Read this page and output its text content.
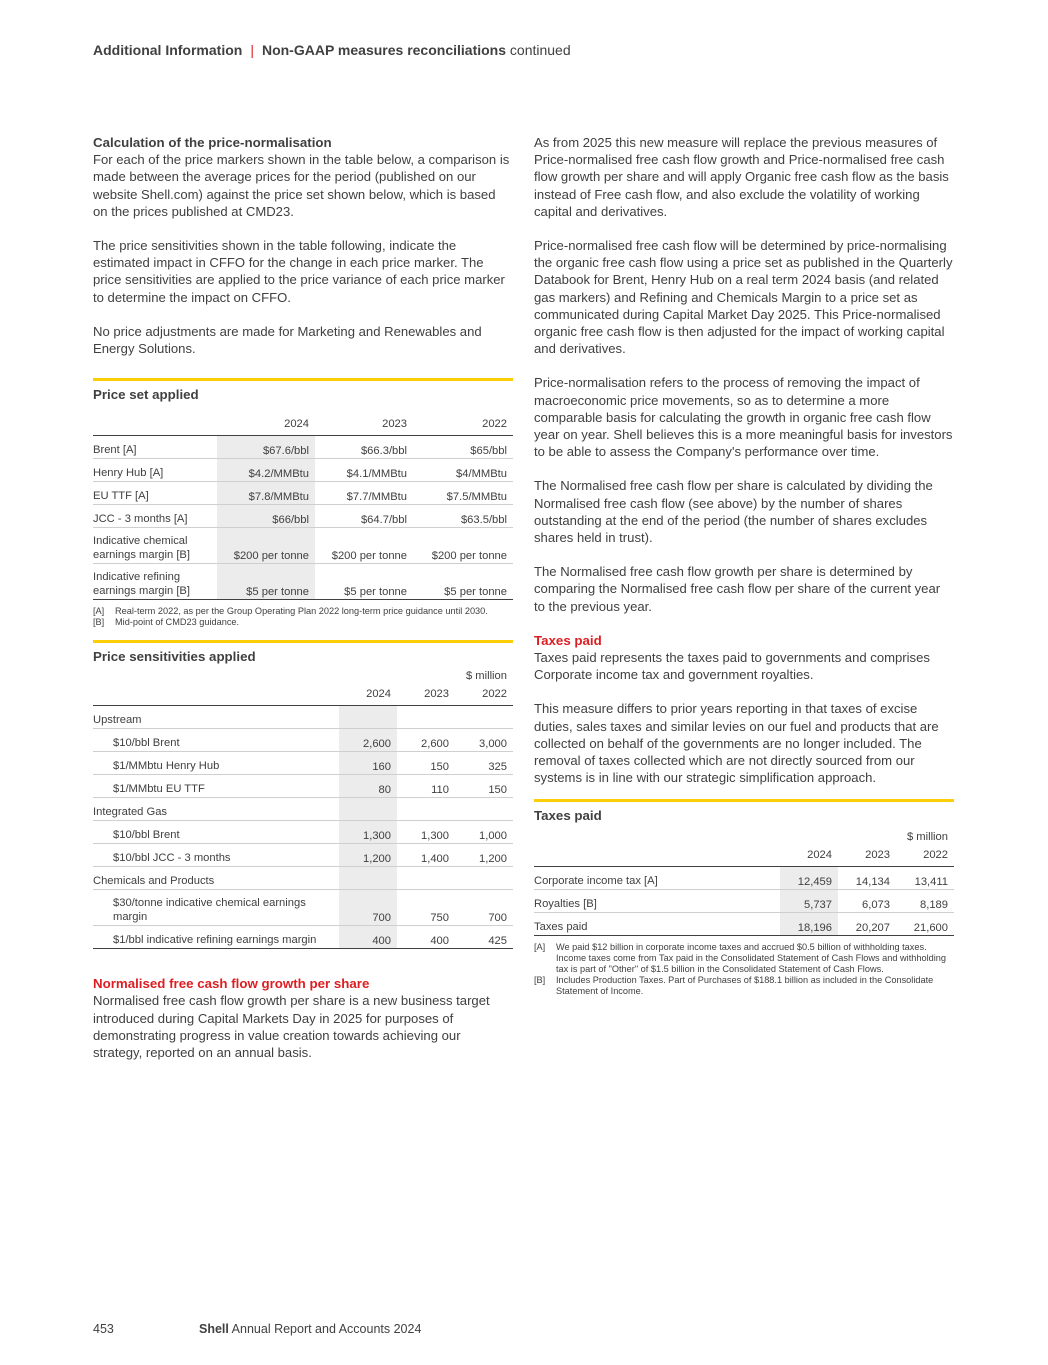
Additional Information | Non-GAAP measures reconciliations continued
Calculation of the price-normalisation

For each of the price markers shown in the table below, a comparison is made between the average prices for the period (published on our website Shell.com) against the price set shown below, which is based on the prices published at CMD23.

The price sensitivities shown in the table following, indicate the estimated impact in CFFO for the change in each price marker. The price sensitivities are applied to the price variance of each price marker to determine the impact on CFFO.

No price adjustments are made for Marketing and Renewables and Energy Solutions.

Price set applied
	2024	2023	2022
Brent [A]	$67.6/bbl	$66.3/bbl	$65/bbl
Henry Hub [A]	$4.2/MMBtu	$4.1/MMBtu	$4/MMBtu
EU TTF [A]	$7.8/MMBtu	$7.7/MMBtu	$7.5/MMBtu
JCC - 3 months [A]	$66/bbl	$64.7/bbl	$63.5/bbl
Indicative chemical earnings margin [B]	$200 per tonne	$200 per tonne	$200 per tonne
Indicative refining earnings margin [B]	$5 per tonne	$5 per tonne	$5 per tonne
[A]	Real-term 2022, as per the Group Operating Plan 2022 long-term price guidance until 2030.
[B]	Mid-point of CMD23 guidance.
Price sensitivities applied
$ million
	2024	2023	2022
Upstream			
$10/bbl Brent	2,600	2,600	3,000
$1/MMbtu Henry Hub	160	150	325
$1/MMbtu EU TTF	80	110	150
Integrated Gas			
$10/bbl Brent	1,300	1,300	1,000
$10/bbl JCC - 3 months	1,200	1,400	1,200
Chemicals and Products			
$30/tonne indicative chemical earnings margin	700	750	700
$1/bbl indicative refining earnings margin	400	400	425
Normalised free cash flow growth per share

Normalised free cash flow growth per share is a new business target introduced during Capital Markets Day in 2025 for purposes of demonstrating progress in value creation towards achieving our strategy, reported on an annual basis.

As from 2025 this new measure will replace the previous measures of Price-normalised free cash flow growth and Price-normalised free cash flow growth per share and will apply Organic free cash flow as the basis instead of Free cash flow, and also exclude the volatility of working capital and derivatives.

Price-normalised free cash flow will be determined by price-normalising the organic free cash flow using a price set as published in the Quarterly Databook for Brent, Henry Hub on a real term 2024 basis (and related gas markers) and Refining and Chemicals Margin to a price set as communicated during Capital Market Day 2025. This Price-normalised organic free cash flow is then adjusted for the impact of working capital and derivatives.

Price-normalisation refers to the process of removing the impact of macroeconomic price movements, so as to determine a more comparable basis for calculating the growth in organic free cash flow year on year. Shell believes this is a more meaningful basis for investors to be able to assess the Company's performance over time.

The Normalised free cash flow per share is calculated by dividing the Normalised free cash flow (see above) by the number of shares outstanding at the end of the period (the number of shares excludes shares held in trust).

The Normalised free cash flow growth per share is determined by comparing the Normalised free cash flow per share of the current year to the previous year.

Taxes paid

Taxes paid represents the taxes paid to governments and comprises Corporate income tax and government royalties.

This measure differs to prior years reporting in that taxes of excise duties, sales taxes and similar levies on our fuel and products that are collected on behalf of the governments are no longer included. The removal of taxes collected which are not directly sourced from our systems is in line with our strategic simplification approach.

Taxes paid
$ million
	2024	2023	2022
Corporate income tax [A]	12,459	14,134	13,411
Royalties [B]	5,737	6,073	8,189
Taxes paid	18,196	20,207	21,600
[A]	We paid $12 billion in corporate income taxes and accrued $0.5 billion of withholding taxes. Income taxes come from Tax paid in the Consolidated Statement of Cash Flows and withholding tax is part of "Other" of $1.5 billion in the Consolidated Statement of Cash Flows.
[B]	Includes Production Taxes. Part of Purchases of $188.1 billion as included in the Consolidate Statement of Income.
453	Shell Annual Report and Accounts 2024
